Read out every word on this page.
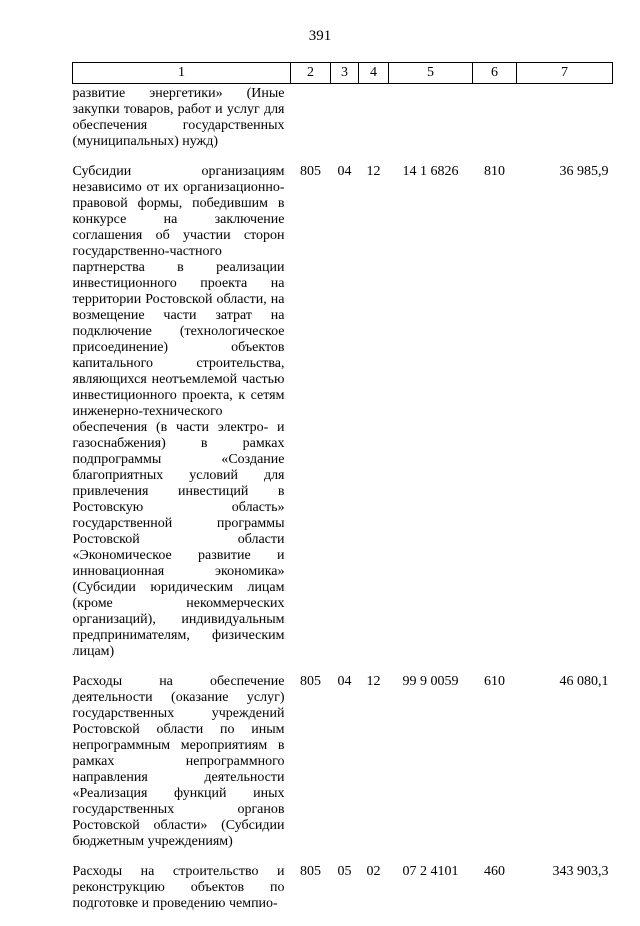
391
1	2	3	4	5	6	7
развитие энергетики» (Иные закупки товаров, работ и услуг для обеспечения государственных (муниципальных) нужд)						
Субсидии организациям независимо от их организационно-правовой формы, победившим в конкурсе на заключение соглашения об участии сторон государственно-частного партнерства в реализации инвестиционного проекта на территории Ростовской области, на возмещение части затрат на подключение (технологическое присоединение) объектов капитального строительства, являющихся неотъемлемой частью инвестиционного проекта, к сетям инженерно-технического обеспечения (в части электро- и газоснабжения) в рамках подпрограммы «Создание благоприятных условий для привлечения инвестиций в Ростовскую область» государственной программы Ростовской области «Экономическое развитие и инновационная экономика» (Субсидии юридическим лицам (кроме некоммерческих организаций), индивидуальным предпринимателям, физическим лицам)	805	04	12	14 1 6826	810	36 985,9
Расходы на обеспечение деятельности (оказание услуг) государственных учреждений Ростовской области по иным непрограммным мероприятиям в рамках непрограммного направления деятельности «Реализация функций иных государственных органов Ростовской области» (Субсидии бюджетным учреждениям)	805	04	12	99 9 0059	610	46 080,1
Расходы на строительство и реконструкцию объектов по подготовке и проведению чемпио-	805	05	02	07 2 4101	460	343 903,3
